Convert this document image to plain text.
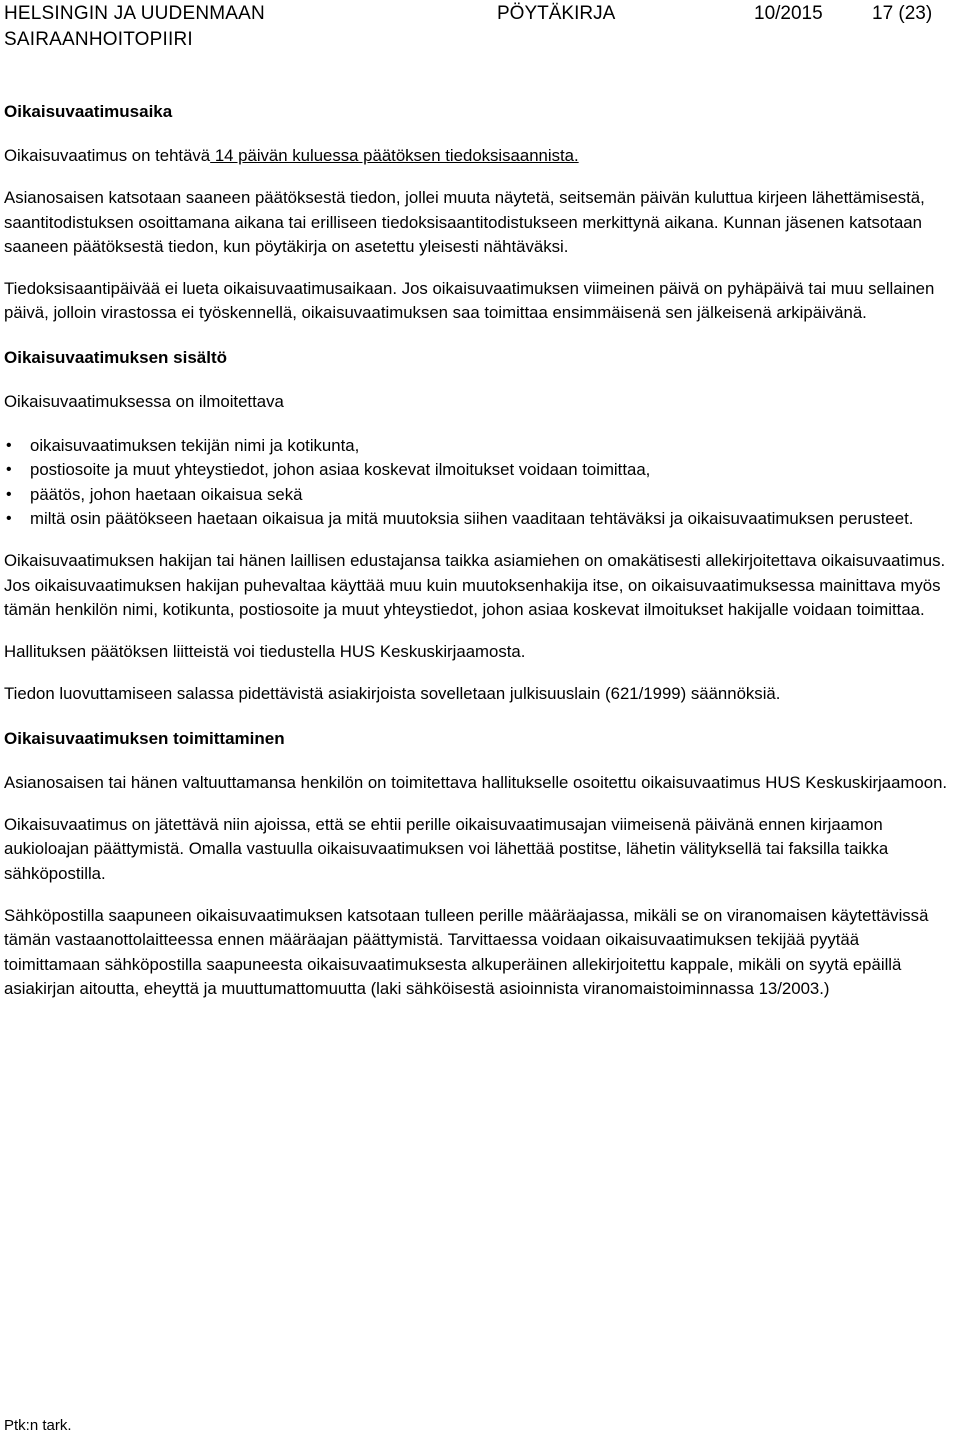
HELSINGIN JA UUDENMAAN
SAIRAANHOITOPIIRI
PÖYTÄKIRJA	10/2015	17 (23)
Oikaisuvaatimusaika

Oikaisuvaatimus on tehtävä 14 päivän kuluessa päätöksen tiedoksisaannista.

Asianosaisen katsotaan saaneen päätöksestä tiedon, jollei muuta näytetä, seitsemän päivän kuluttua kirjeen lähettämisestä, saantitodistuksen osoittamana aikana tai erilliseen tiedoksisaantitodistukseen merkittynä aikana. Kunnan jäsenen katsotaan saaneen päätöksestä tiedon, kun pöytäkirja on asetettu yleisesti nähtäväksi.

Tiedoksisaantipäivää ei lueta oikaisuvaatimusaikaan. Jos oikaisuvaatimuksen viimeinen päivä on pyhäpäivä tai muu sellainen päivä, jolloin virastossa ei työskennellä, oikaisuvaatimuksen saa toimittaa ensimmäisenä sen jälkeisenä arkipäivänä.

Oikaisuvaatimuksen sisältö

Oikaisuvaatimuksessa on ilmoitettava

• oikaisuvaatimuksen tekijän nimi ja kotikunta,
• postiosoite ja muut yhteystiedot, johon asiaa koskevat ilmoitukset voidaan toimittaa,
• päätös, johon haetaan oikaisua sekä
• miltä osin päätökseen haetaan oikaisua ja mitä muutoksia siihen vaaditaan tehtäväksi ja oikaisuvaatimuksen perusteet.

Oikaisuvaatimuksen hakijan tai hänen laillisen edustajansa taikka asiamiehen on omakätisesti allekirjoitettava oikaisuvaatimus. Jos oikaisuvaatimuksen hakijan puhevaltaa käyttää muu kuin muutoksenhakija itse, on oikaisuvaatimuksessa mainittava myös tämän henkilön nimi, kotikunta, postiosoite ja muut yhteystiedot, johon asiaa koskevat ilmoitukset hakijalle voidaan toimittaa.

Hallituksen päätöksen liitteistä voi tiedustella HUS Keskuskirjaamosta.

Tiedon luovuttamiseen salassa pidettävistä asiakirjoista sovelletaan julkisuuslain (621/1999) säännöksiä.

Oikaisuvaatimuksen toimittaminen

Asianosaisen tai hänen valtuuttamansa henkilön on toimitettava hallitukselle osoitettu oikaisuvaatimus HUS Keskuskirjaamoon.

Oikaisuvaatimus on jätettävä niin ajoissa, että se ehtii perille oikaisuvaatimusajan viimeisenä päivänä ennen kirjaamon aukioloajan päättymistä. Omalla vastuulla oikaisuvaatimuksen voi lähettää postitse, lähetin välityksellä tai faksilla taikka sähköpostilla.

Sähköpostilla saapuneen oikaisuvaatimuksen katsotaan tulleen perille määräajassa, mikäli se on viranomaisen käytettävissä tämän vastaanottolaitteessa ennen määräajan päättymistä. Tarvittaessa voidaan oikaisuvaatimuksen tekijää pyytää toimittamaan sähköpostilla saapuneesta oikaisuvaatimuksesta alkuperäinen allekirjoitettu kappale, mikäli on syytä epäillä asiakirjan aitoutta, eheyttä ja muuttumattomuutta (laki sähköisestä asioinnista viranomaistoiminnassa 13/2003.)

Ptk:n tark.
